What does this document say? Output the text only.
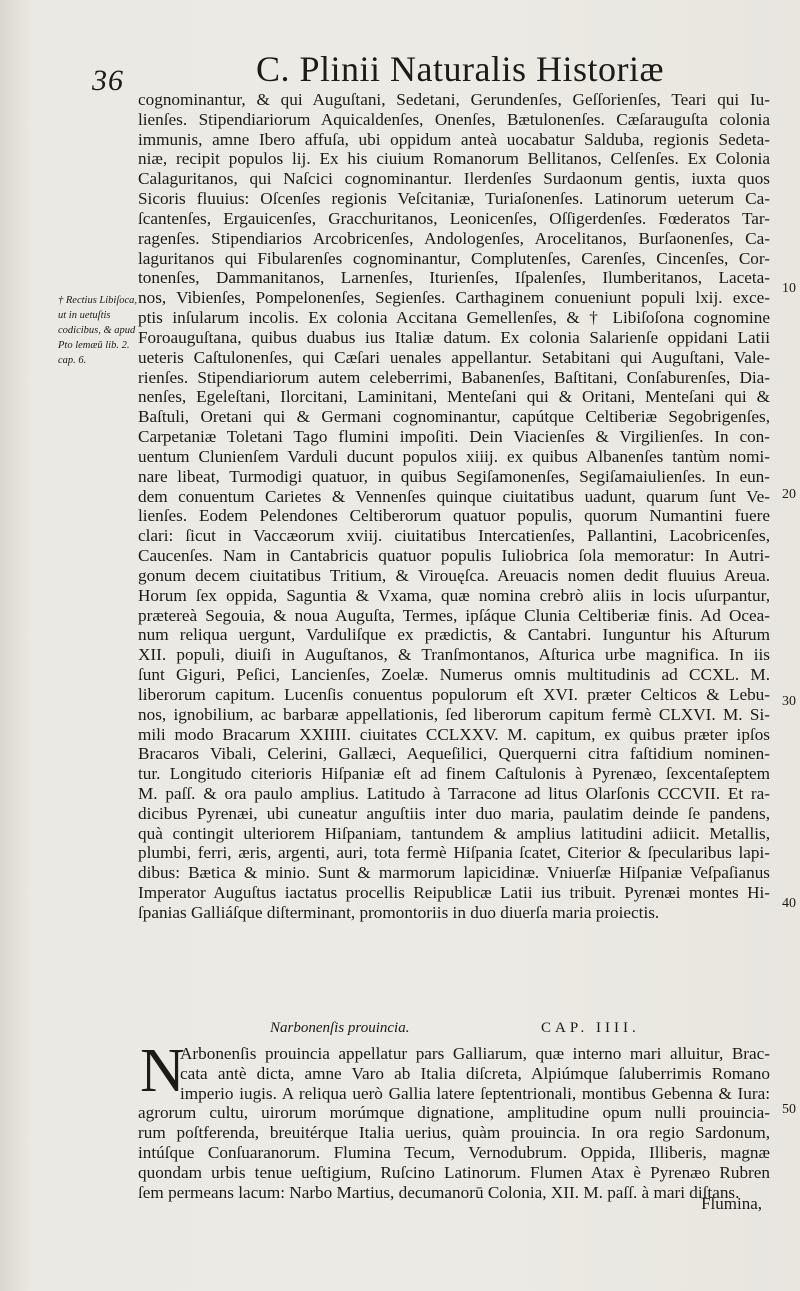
36	C. Plinii Naturalis Historiæ
† Rectius Libiſoca, ut in uetuſtis codicibus, & apud Pto lemæū lib. 2. cap. 6.
cognominantur, & qui Auguſtani, Sedetani, Gerundenſes, Geſſorienſes, Teari qui Iu-
lienſes. Stipendiariorum Aquicaldenſes, Onenſes, Bætulonenſes. Cæſarauguſta colonia
immunis, amne Ibero affuſa, ubi oppidum anteà uocabatur Salduba, regionis Sedeta-
niæ, recipit populos lij. Ex his ciuium Romanorum Bellitanos, Celſenſes. Ex Colonia
Calaguritanos, qui Naſcici cognominantur. Ilerdenſes Surdaonum gentis, iuxta quos
Sicoris fluuius: Oſcenſes regionis Veſcitaniæ, Turiaſonenſes. Latinorum ueterum Ca-
ſcantenſes, Ergauicenſes, Gracchuritanos, Leonicenſes, Oſſigerdenſes. Fœderatos Tar-
ragenſes. Stipendiarios Arcobricenſes, Andologenſes, Arocelitanos, Burſaonenſes, Ca-
laguritanos qui Fibularenſes cognominantur, Complutenſes, Carenſes, Cincenſes, Cor-
tonenſes, Dammanitanos, Larnenſes, Iturienſes, Iſpalenſes, Ilumberitanos, Laceta-
nos, Vibienſes, Pompelonenſes, Segienſes. Carthaginem conueniunt populi lxij. exce-
ptis inſularum incolis. Ex colonia Accitana Gemellenſes, & † Libiſoſona cognomine
Foroauguſtana, quibus duabus ius Italiæ datum. Ex colonia Salarienſe oppidani Latii
ueteris Caſtulonenſes, qui Cæſari uenales appellantur. Setabitani qui Auguſtani, Vale-
rienſes. Stipendiariorum autem celeberrimi, Babanenſes, Baſtitani, Conſaburenſes, Dia-
nenſes, Egeleſtani, Ilorcitani, Laminitani, Menteſani qui & Oritani, Menteſani qui &
Baſtuli, Oretani qui & Germani cognominantur, capútque Celtiberiæ Segobrigenſes,
Carpetaniæ Toletani Tago flumini impoſiti. Dein Viacienſes & Virgilienſes. In con-
uentum Clunienſem Varduli ducunt populos xiiij. ex quibus Albanenſes tantùm nomi-
nare libeat, Turmodigi quatuor, in quibus Segiſamonenſes, Segiſamaiulienſes. In eun-
dem conuentum Carietes & Vennenſes quinque ciuitatibus uadunt, quarum ſunt Ve-
lienſes. Eodem Pelendones Celtiberorum quatuor populis, quorum Numantini fuere
clari: ſicut in Vaccæorum xviij. ciuitatibus Intercatienſes, Pallantini, Lacobricenſes,
Caucenſes. Nam in Cantabricis quatuor populis Iuliobrica ſola memoratur: In Autri-
gonum decem ciuitatibus Tritium, & Virouęſca. Areuacis nomen dedit fluuius Areua.
Horum ſex oppida, Saguntia & Vxama, quæ nomina crebrò aliis in locis uſurpantur,
prætereà Segouia, & noua Auguſta, Termes, ipſáque Clunia Celtiberiæ finis. Ad Ocea-
num reliqua uergunt, Varduliſque ex prædictis, & Cantabri. Iunguntur his Aſturum
XII. populi, diuiſi in Auguſtanos, & Tranſmontanos, Aſturica urbe magnifica. In iis
ſunt Giguri, Peſici, Lancienſes, Zoelæ. Numerus omnis multitudinis ad CCXL. M.
liberorum capitum. Lucenſis conuentus populorum eſt XVI. præter Celticos & Lebu-
nos, ignobilium, ac barbaræ appellationis, ſed liberorum capitum fermè CLXVI. M. Si-
mili modo Bracarum XXIIII. ciuitates CCLXXV. M. capitum, ex quibus præter ipſos
Bracaros Vibali, Celerini, Gallæci, Aequeſilici, Querquerni citra faſtidium nominen-
tur. Longitudo citerioris Hiſpaniæ eſt ad finem Caſtulonis à Pyrenæo, ſexcentaſeptem
M. paſſ. & ora paulo amplius. Latitudo à Tarracone ad litus Olarſonis CCCVII. Et ra-
dicibus Pyrenæi, ubi cuneatur anguſtiis inter duo maria, paulatim deinde ſe pandens,
quà contingit ulteriorem Hiſpaniam, tantundem & amplius latitudini adiicit. Metallis,
plumbi, ferri, æris, argenti, auri, tota fermè Hiſpania ſcatet, Citerior & ſpecularibus lapi-
dibus: Bætica & minio. Sunt & marmorum lapicidinæ. Vniuerſæ Hiſpaniæ Veſpaſianus
Imperator Auguſtus iactatus procellis Reipublicæ Latii ius tribuit. Pyrenæi montes Hi-
ſpanias Galliáſque diſterminant, promontoriis in duo diuerſa maria proiectis.
10
20
30
40
50
Narbonenſis prouincia.	CAP. IIII.
N
Arbonenſis prouincia appellatur pars Galliarum, quæ interno mari alluitur, Brac-
cata antè dicta, amne Varo ab Italia diſcreta, Alpiúmque ſaluberrimis Romano
imperio iugis. A reliqua uerò Gallia latere ſeptentrionali, montibus Gebenna & Iura:
agrorum cultu, uirorum morúmque dignatione, amplitudine opum nulli prouincia-
rum poſtferenda, breuitérque Italia uerius, quàm prouincia. In ora regio Sardonum,
intúſque Conſuaranorum. Flumina Tecum, Vernodubrum. Oppida, Illiberis, magnæ
quondam urbis tenue ueſtigium, Ruſcino Latinorum. Flumen Atax è Pyrenæo Rubren
ſem permeans lacum: Narbo Martius, decumanorū Colonia, XII. M. paſſ. à mari diſtans.
Flumina,
